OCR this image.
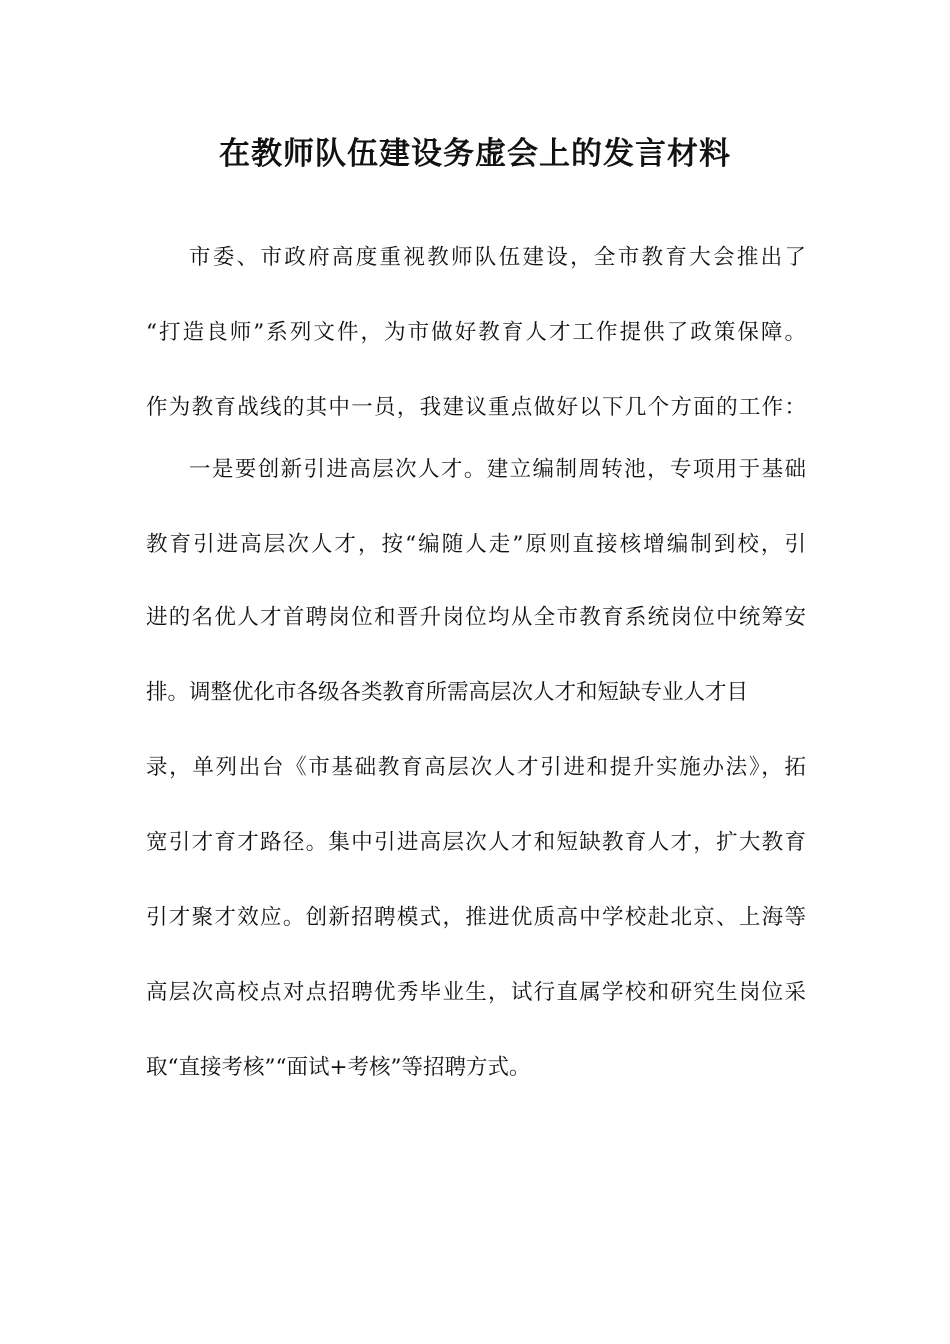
在教师队伍建设务虚会上的发言材料

市委、市政府高度重视教师队伍建设，全市教育大会推出了

“打造良师”系列文件，为市做好教育人才工作提供了政策保障。

作为教育战线的其中一员，我建议重点做好以下几个方面的工作：

一是要创新引进高层次人才。建立编制周转池，专项用于基础

教育引进高层次人才，按“编随人走”原则直接核增编制到校，引

进的名优人才首聘岗位和晋升岗位均从全市教育系统岗位中统筹安

排。调整优化市各级各类教育所需高层次人才和短缺专业人才目

录，单列出台《市基础教育高层次人才引进和提升实施办法》，拓

宽引才育才路径。集中引进高层次人才和短缺教育人才，扩大教育

引才聚才效应。创新招聘模式，推进优质高中学校赴北京、上海等

高层次高校点对点招聘优秀毕业生，试行直属学校和研究生岗位采

取“直接考核”“面试+考核”等招聘方式。
